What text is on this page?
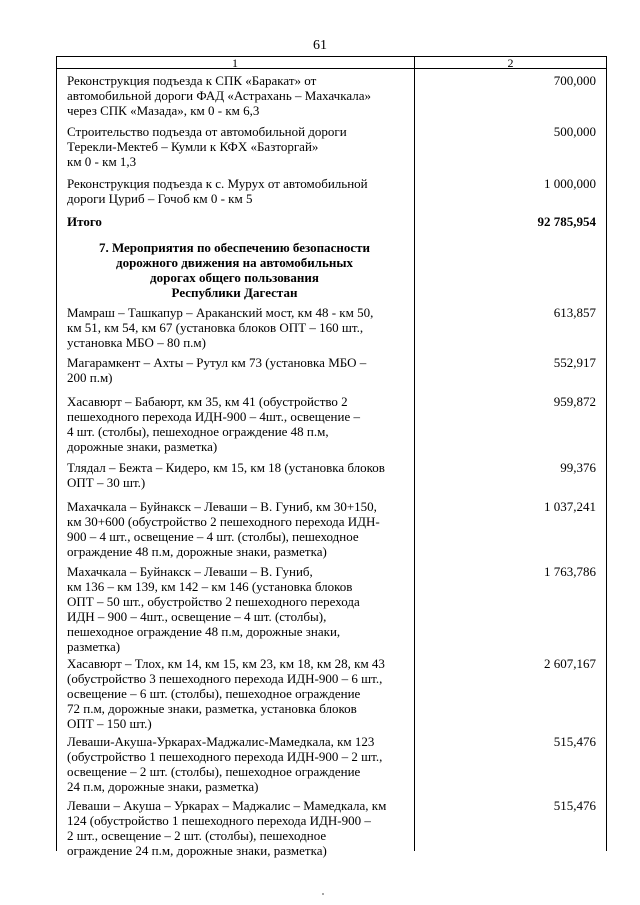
61
1	2
Реконструкция подъезда к СПК «Баракат» от
автомобильной дороги ФАД «Астрахань – Махачкала»
через СПК «Мазада», км 0 - км 6,3
700,000
Строительство подъезда от автомобильной дороги
Терекли-Мектеб – Кумли к КФХ «Базторгай»
км 0 - км 1,3
500,000
Реконструкция подъезда к с. Мурух от автомобильной
дороги Цуриб – Гочоб км 0 - км 5
1 000,000
Итого	92 785,954
7. Мероприятия по обеспечению безопасности
дорожного движения на автомобильных
дорогах общего пользования
Республики Дагестан
Мамраш – Ташкапур – Араканский мост, км 48 - км 50,
км 51, км 54, км 67 (установка блоков ОПТ – 160 шт.,
установка МБО – 80 п.м)
613,857
Магарамкент – Ахты – Рутул км 73 (установка МБО –
200 п.м)
552,917
Хасавюрт – Бабаюрт, км 35, км 41 (обустройство 2
пешеходного перехода ИДН-900 – 4шт., освещение –
4 шт. (столбы), пешеходное ограждение 48 п.м,
дорожные знаки, разметка)
959,872
Тлядал – Бежта – Кидеро, км 15, км 18 (установка блоков
ОПТ – 30 шт.)
99,376
Махачкала – Буйнакск – Леваши – В. Гуниб, км 30+150,
км 30+600 (обустройство 2 пешеходного перехода ИДН-
900 – 4 шт., освещение – 4 шт. (столбы), пешеходное
ограждение 48 п.м, дорожные знаки, разметка)
1 037,241
Махачкала – Буйнакск – Леваши – В. Гуниб,
км 136 – км 139, км 142 – км 146 (установка блоков
ОПТ – 50 шт., обустройство 2 пешеходного перехода
ИДН – 900 – 4шт., освещение – 4 шт. (столбы),
пешеходное ограждение 48 п.м, дорожные знаки,
разметка)
1 763,786
Хасавюрт – Тлох, км 14, км 15, км 23, км 18, км 28, км 43
(обустройство 3 пешеходного перехода ИДН-900 – 6 шт.,
освещение – 6 шт. (столбы), пешеходное ограждение
72 п.м, дорожные знаки, разметка, установка блоков
ОПТ – 150 шт.)
2 607,167
Леваши-Акуша-Уркарах-Маджалис-Мамедкала, км 123
(обустройство 1 пешеходного перехода ИДН-900 – 2 шт.,
освещение – 2 шт. (столбы), пешеходное ограждение
24 п.м, дорожные знаки, разметка)
515,476
Леваши – Акуша – Уркарах – Маджалис – Мамедкала, км
124 (обустройство 1 пешеходного перехода ИДН-900 –
2 шт., освещение – 2 шт. (столбы), пешеходное
ограждение 24 п.м, дорожные знаки, разметка)
515,476
